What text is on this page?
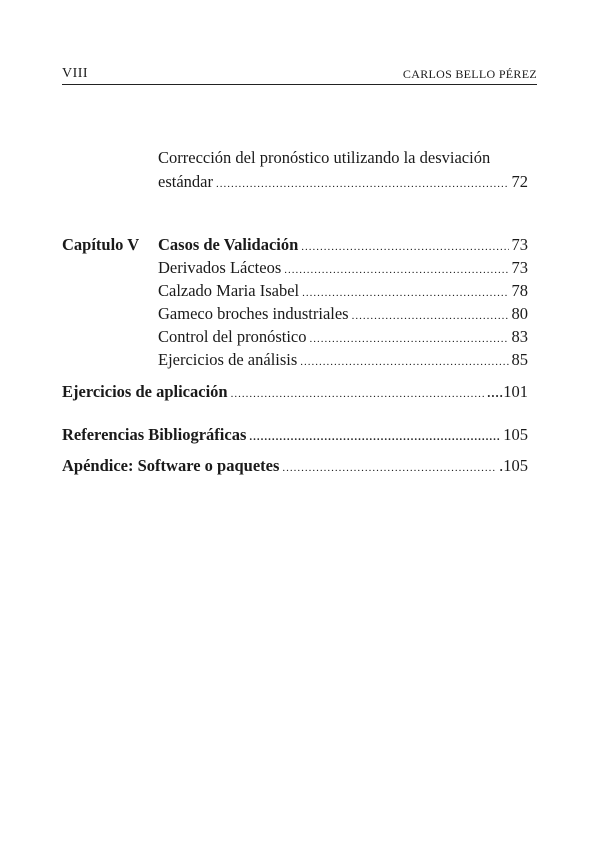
VIII	CARLOS BELLO PÉREZ
Corrección del pronóstico utilizando la desviación
estándar .....	72
Capítulo V Casos de Validación .....	73
Derivados Lácteos .....	73
Calzado Maria Isabel .....	78
Gameco broches industriales .....	80
Control del pronóstico .....	83
Ejercicios de análisis .....	85
Ejercicios de aplicación .....	....101
Referencias Bibliográficas .....	105
Apéndice: Software o paquetes .....	.105
